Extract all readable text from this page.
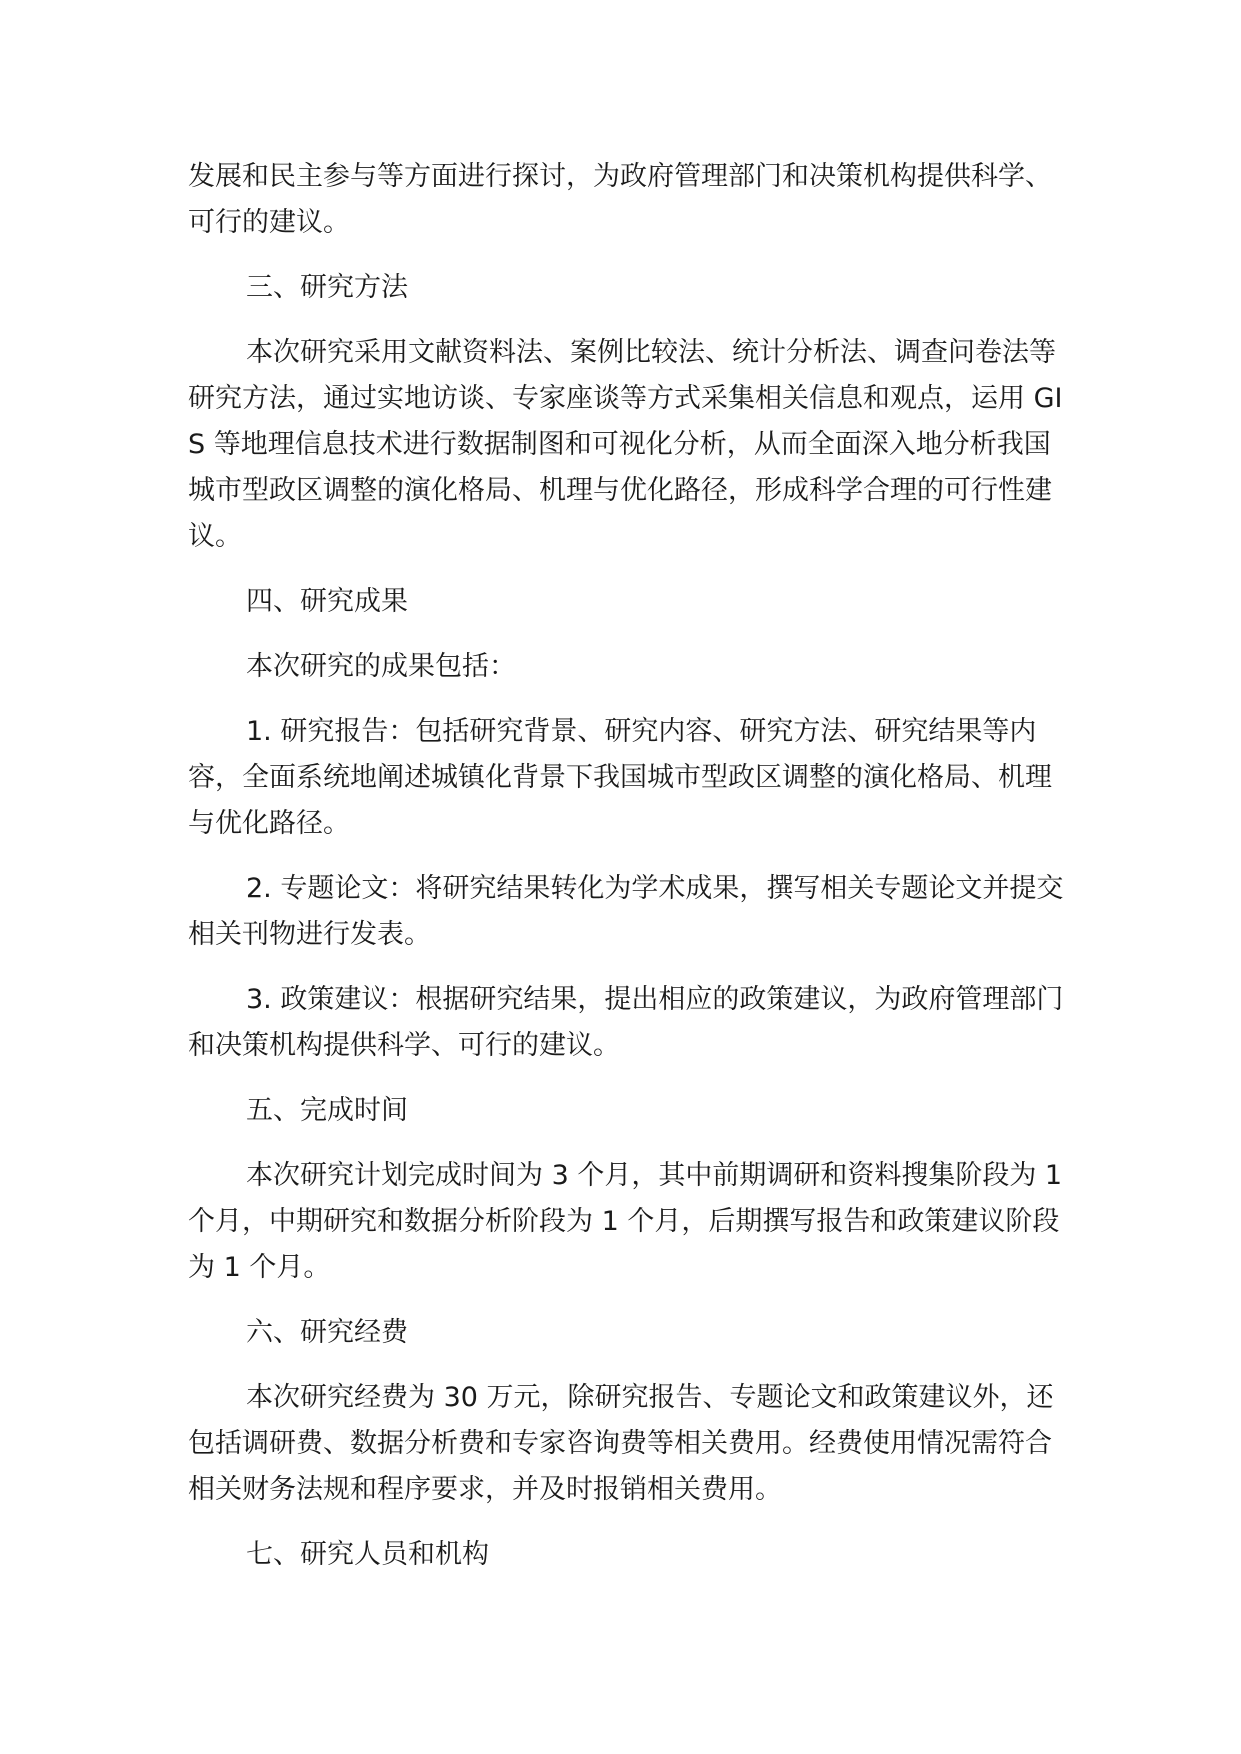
发展和民主参与等方面进行探讨，为政府管理部门和决策机构提供科学、可行的建议。

三、研究方法

本次研究采用文献资料法、案例比较法、统计分析法、调查问卷法等研究方法，通过实地访谈、专家座谈等方式采集相关信息和观点，运用 GIS 等地理信息技术进行数据制图和可视化分析，从而全面深入地分析我国城市型政区调整的演化格局、机理与优化路径，形成科学合理的可行性建议。

四、研究成果

本次研究的成果包括：

1. 研究报告：包括研究背景、研究内容、研究方法、研究结果等内容，全面系统地阐述城镇化背景下我国城市型政区调整的演化格局、机理与优化路径。

2. 专题论文：将研究结果转化为学术成果，撰写相关专题论文并提交相关刊物进行发表。

3. 政策建议：根据研究结果，提出相应的政策建议，为政府管理部门和决策机构提供科学、可行的建议。

五、完成时间

本次研究计划完成时间为 3 个月，其中前期调研和资料搜集阶段为 1 个月，中期研究和数据分析阶段为 1 个月，后期撰写报告和政策建议阶段为 1 个月。

六、研究经费

本次研究经费为 30 万元，除研究报告、专题论文和政策建议外，还包括调研费、数据分析费和专家咨询费等相关费用。经费使用情况需符合相关财务法规和程序要求，并及时报销相关费用。

七、研究人员和机构
